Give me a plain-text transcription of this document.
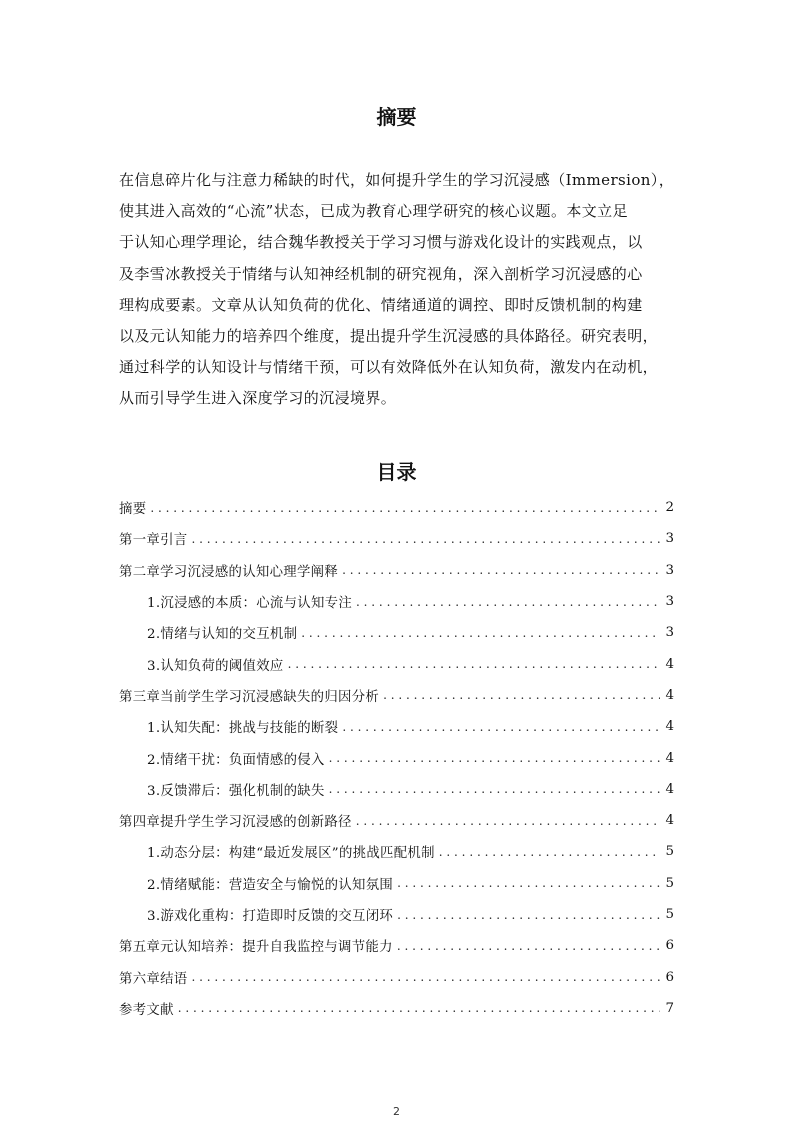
摘要
在信息碎片化与注意力稀缺的时代，如何提升学生的学习沉浸感（Immersion），
使其进入高效的“心流”状态，已成为教育心理学研究的核心议题。本文立足
于认知心理学理论，结合魏华教授关于学习习惯与游戏化设计的实践观点，以
及李雪冰教授关于情绪与认知神经机制的研究视角，深入剖析学习沉浸感的心
理构成要素。文章从认知负荷的优化、情绪通道的调控、即时反馈机制的构建
以及元认知能力的培养四个维度，提出提升学生沉浸感的具体路径。研究表明，
通过科学的认知设计与情绪干预，可以有效降低外在认知负荷，激发内在动机，
从而引导学生进入深度学习的沉浸境界。
目录
摘要 . . .	2
第一章引言 . . .	3
第二章学习沉浸感的认知心理学阐释 . . .	3
1.沉浸感的本质：心流与认知专注 . . .	3
2.情绪与认知的交互机制 . . .	3
3.认知负荷的阈值效应 . . .	4
第三章当前学生学习沉浸感缺失的归因分析 . . .	4
1.认知失配：挑战与技能的断裂 . . .	4
2.情绪干扰：负面情感的侵入 . . .	4
3.反馈滞后：强化机制的缺失 . . .	4
第四章提升学生学习沉浸感的创新路径 . . .	4
1.动态分层：构建“最近发展区”的挑战匹配机制 . . .	5
2.情绪赋能：营造安全与愉悦的认知氛围 . . .	5
3.游戏化重构：打造即时反馈的交互闭环 . . .	5
第五章元认知培养：提升自我监控与调节能力 . . .	6
第六章结语 . . .	6
参考文献 . . .	7
2
